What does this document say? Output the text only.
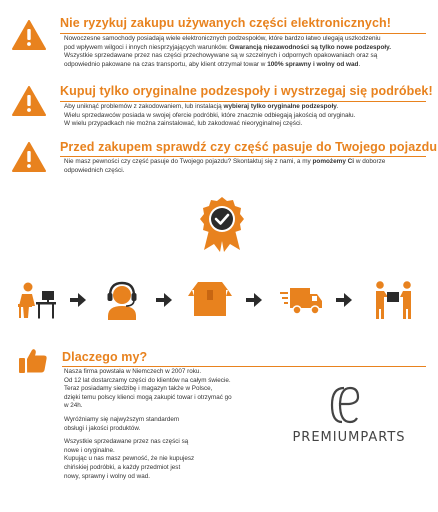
Nie ryzykuj zakupu używanych części elektronicznych!

Nowoczesne samochody posiadają wiele elektronicznych podzespołów, które bardzo łatwo ulegają uszkodzeniu

pod wpływem wilgoci i innych niesprzyjających warunków. Gwarancją niezawodności są tylko nowe podzespoły.

Wszystkie sprzedawane przez nas części przechowywane są w szczelnych i odpornych opakowaniach oraz są

odpowiednio pakowane na czas transportu, aby klient otrzymał towar w 100% sprawny i wolny od wad.

Kupuj tylko oryginalne podzespoły i wystrzegaj się podróbek!

Aby uniknąć problemów z zakodowaniem, lub instalacją wybieraj tylko oryginalne podzespoły.

Wielu sprzedawców posiada w swojej ofercie podróbki, które znacznie odbiegają jakością od oryginału.

W wielu przypadkach nie można zainstalować, lub zakodować nieoryginalnej części.

Przed zakupem sprawdź czy część pasuje do Twojego pojazdu

Nie masz pewności czy część pasuje do Twojego pojazdu? Skontaktuj się z nami, a my pomożemy Ci w doborze

odpowiednich części.

Dlaczego my?

Nasza firma powstała w Niemczech w 2007 roku.

Od 12 lat dostarczamy części do klientów na całym świecie.

Teraz posiadamy siedzibę i magazyn także w Polsce,

dzięki temu polscy klienci mogą zakupić towar i otrzymać go

w 24h.

Wyróżniamy się najwyższym standardem

obsługi i jakości produktów.

Wszystkie sprzedawane przez nas części są

nowe i oryginalne.

Kupując u nas masz pewność, że nie kupujesz

chińskiej podróbki, a każdy przedmiot jest

nowy, sprawny i wolny od wad.

PREMIUMPARTS
